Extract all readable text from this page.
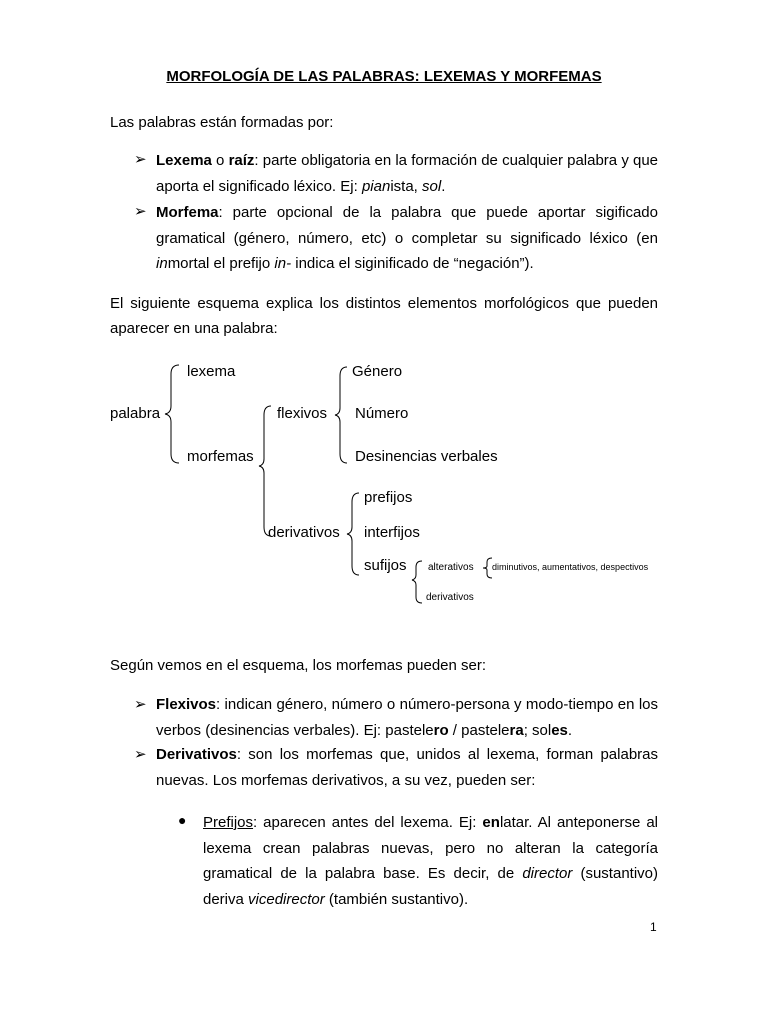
MORFOLOGÍA DE LAS PALABRAS: LEXEMAS Y MORFEMAS
Las palabras están formadas por:
➢ Lexema o raíz: parte obligatoria en la formación de cualquier palabra y que aporta el significado léxico. Ej: pianista, sol.
➢ Morfema: parte opcional de la palabra que puede aportar sigificado gramatical (género, número, etc) o completar su significado léxico (en inmortal el prefijo in- indica el siginificado de “negación”).
El siguiente esquema explica los distintos elementos morfológicos que pueden aparecer en una palabra:
palabra
lexema
morfemas
flexivos
derivativos
Género
Número
Desinencias verbales
prefijos
interfijos
sufijos alterativos
derivativos
diminutivos, aumentativos, despectivos
Según vemos en el esquema, los morfemas pueden ser:
➢ Flexivos: indican género, número o número-persona y modo-tiempo en los verbos (desinencias verbales). Ej: pastelero / pastelera; soles.
➢ Derivativos: son los morfemas que, unidos al lexema, forman palabras nuevas. Los morfemas derivativos, a su vez, pueden ser:
● Prefijos: aparecen antes del lexema. Ej: enlatar. Al anteponerse al lexema crean palabras nuevas, pero no alteran la categoría gramatical de la palabra base. Es decir, de director (sustantivo) deriva vicedirector (también sustantivo).
1
